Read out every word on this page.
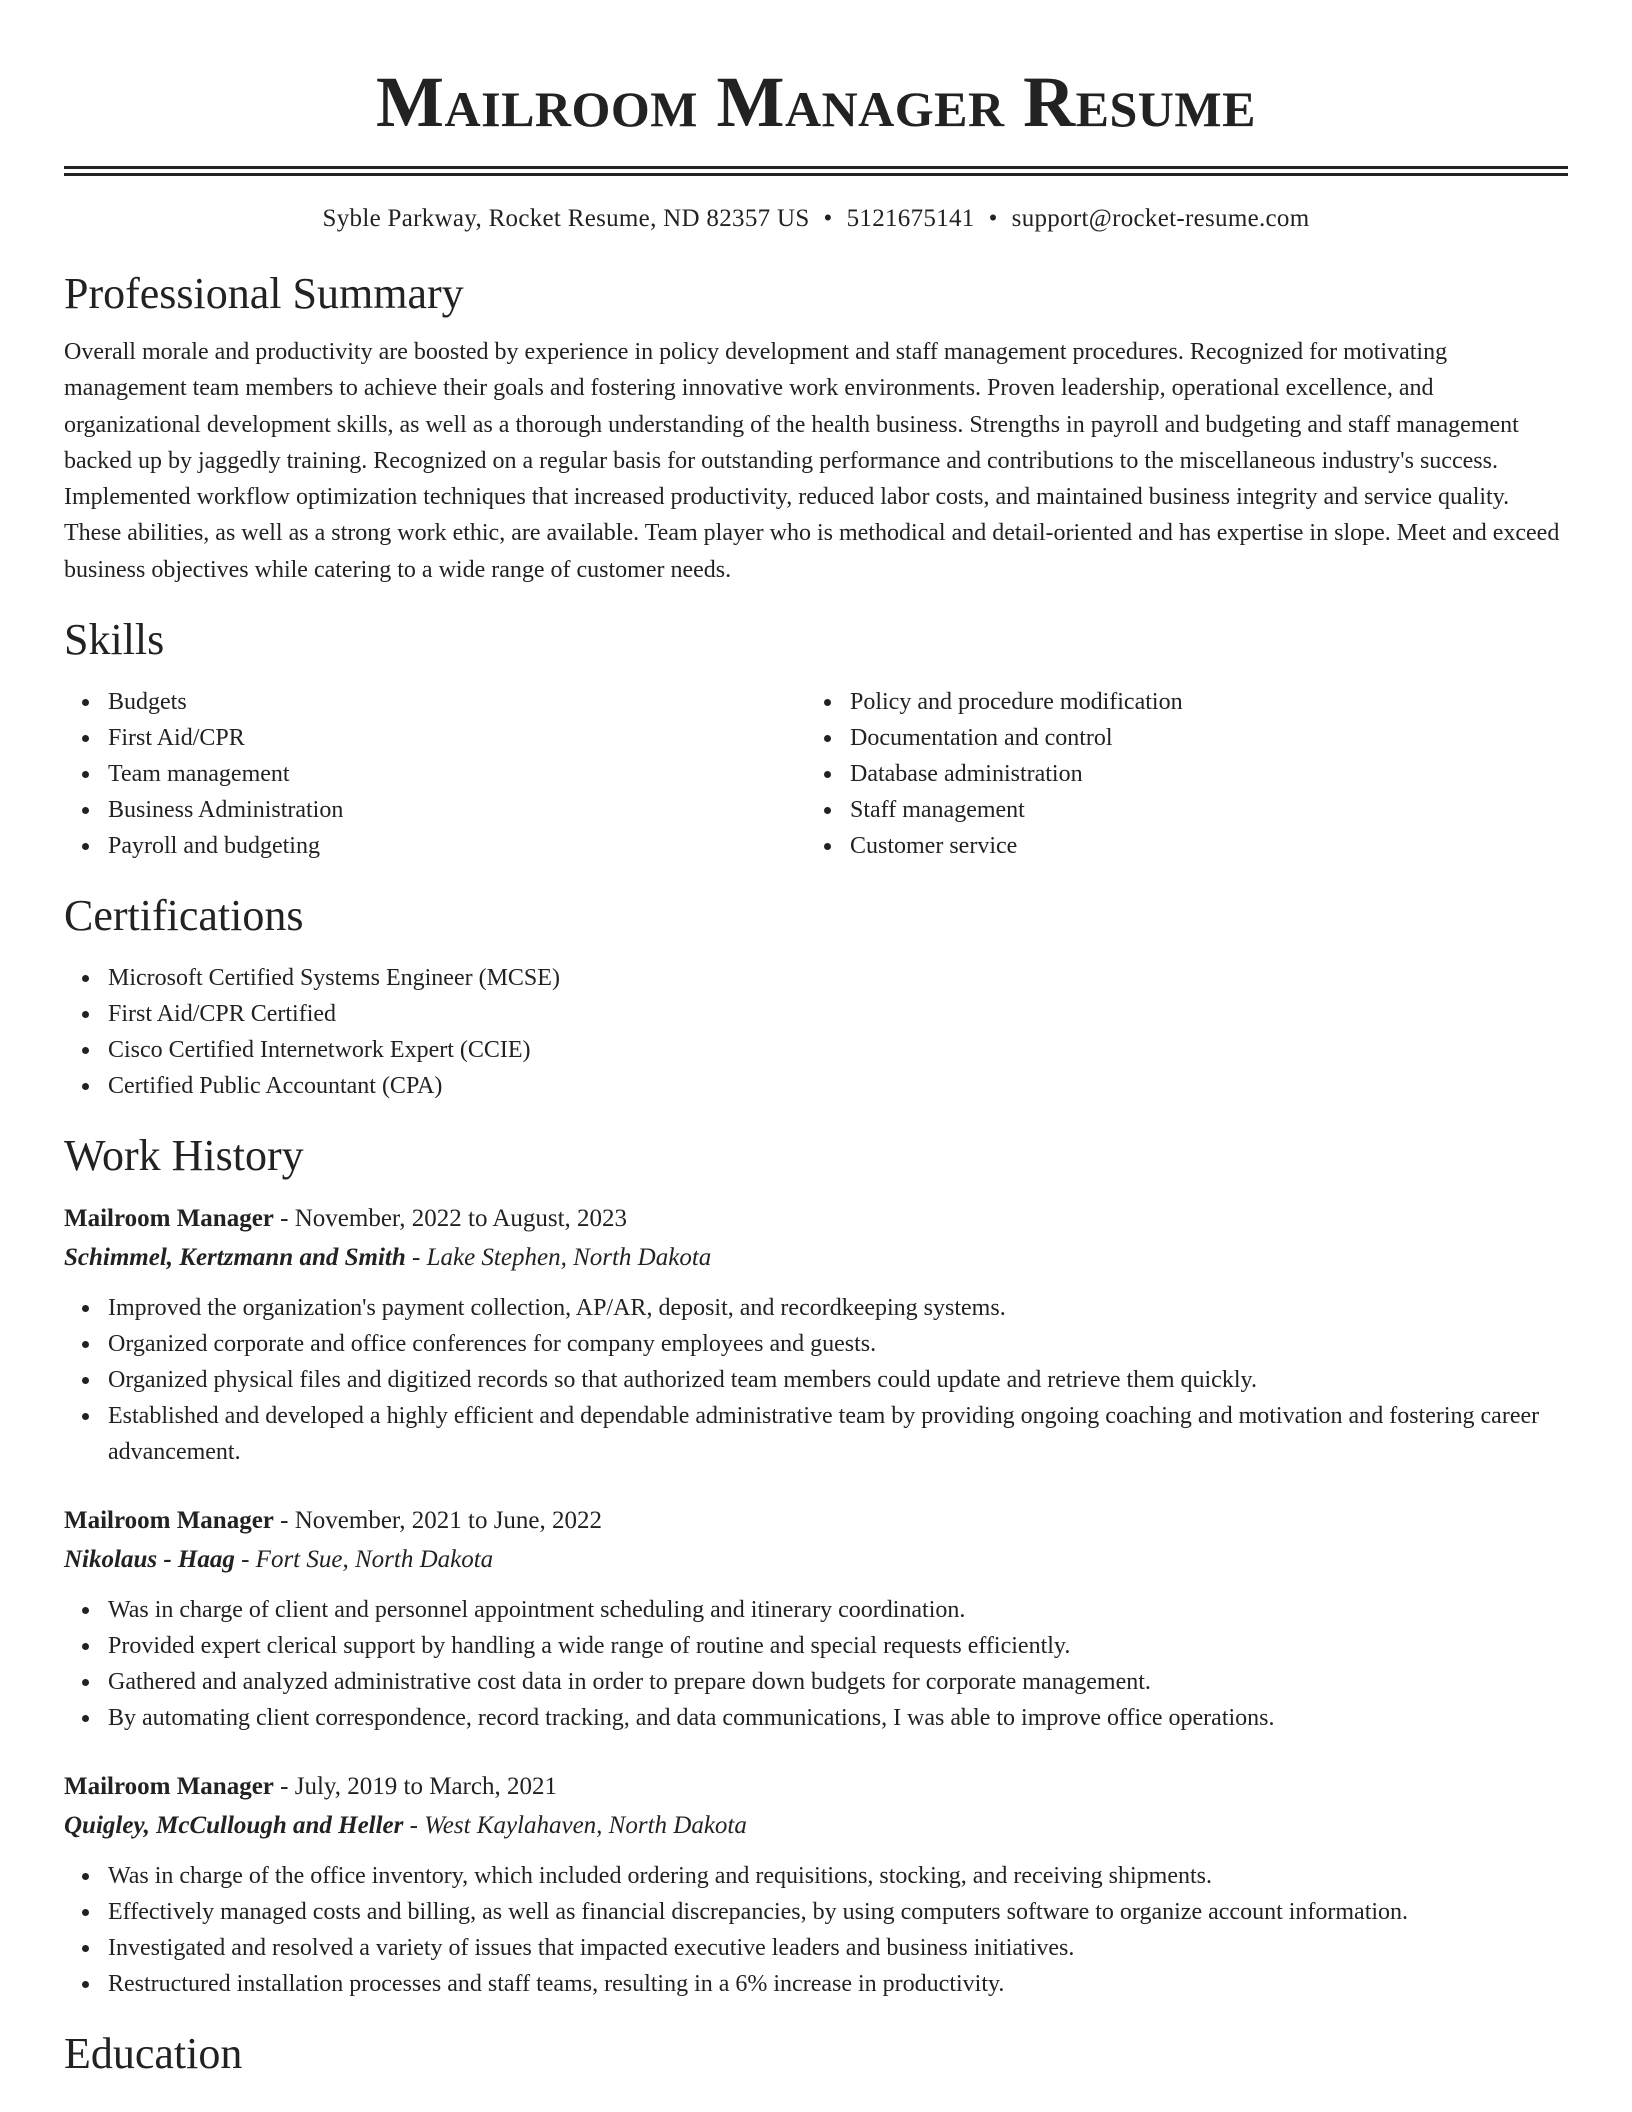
Mailroom Manager Resume
Syble Parkway, Rocket Resume, ND 82357 US • 5121675141 • support@rocket-resume.com
Professional Summary

Overall morale and productivity are boosted by experience in policy development and staff management procedures. Recognized for motivating management team members to achieve their goals and fostering innovative work environments. Proven leadership, operational excellence, and organizational development skills, as well as a thorough understanding of the health business. Strengths in payroll and budgeting and staff management backed up by jaggedly training. Recognized on a regular basis for outstanding performance and contributions to the miscellaneous industry's success. Implemented workflow optimization techniques that increased productivity, reduced labor costs, and maintained business integrity and service quality. These abilities, as well as a strong work ethic, are available. Team player who is methodical and detail-oriented and has expertise in slope. Meet and exceed business objectives while catering to a wide range of customer needs.

Skills
Budgets
First Aid/CPR
Team management
Business Administration
Payroll and budgeting
Policy and procedure modification
Documentation and control
Database administration
Staff management
Customer service
Certifications
Microsoft Certified Systems Engineer (MCSE)
First Aid/CPR Certified
Cisco Certified Internetwork Expert (CCIE)
Certified Public Accountant (CPA)
Work History
Mailroom Manager - November, 2022 to August, 2023
Schimmel, Kertzmann and Smith - Lake Stephen, North Dakota
Improved the organization's payment collection, AP/AR, deposit, and recordkeeping systems.
Organized corporate and office conferences for company employees and guests.
Organized physical files and digitized records so that authorized team members could update and retrieve them quickly.
Established and developed a highly efficient and dependable administrative team by providing ongoing coaching and motivation and fostering career advancement.
Mailroom Manager - November, 2021 to June, 2022
Nikolaus - Haag - Fort Sue, North Dakota
Was in charge of client and personnel appointment scheduling and itinerary coordination.
Provided expert clerical support by handling a wide range of routine and special requests efficiently.
Gathered and analyzed administrative cost data in order to prepare down budgets for corporate management.
By automating client correspondence, record tracking, and data communications, I was able to improve office operations.
Mailroom Manager - July, 2019 to March, 2021
Quigley, McCullough and Heller - West Kaylahaven, North Dakota
Was in charge of the office inventory, which included ordering and requisitions, stocking, and receiving shipments.
Effectively managed costs and billing, as well as financial discrepancies, by using computers software to organize account information.
Investigated and resolved a variety of issues that impacted executive leaders and business initiatives.
Restructured installation processes and staff teams, resulting in a 6% increase in productivity.
Education
